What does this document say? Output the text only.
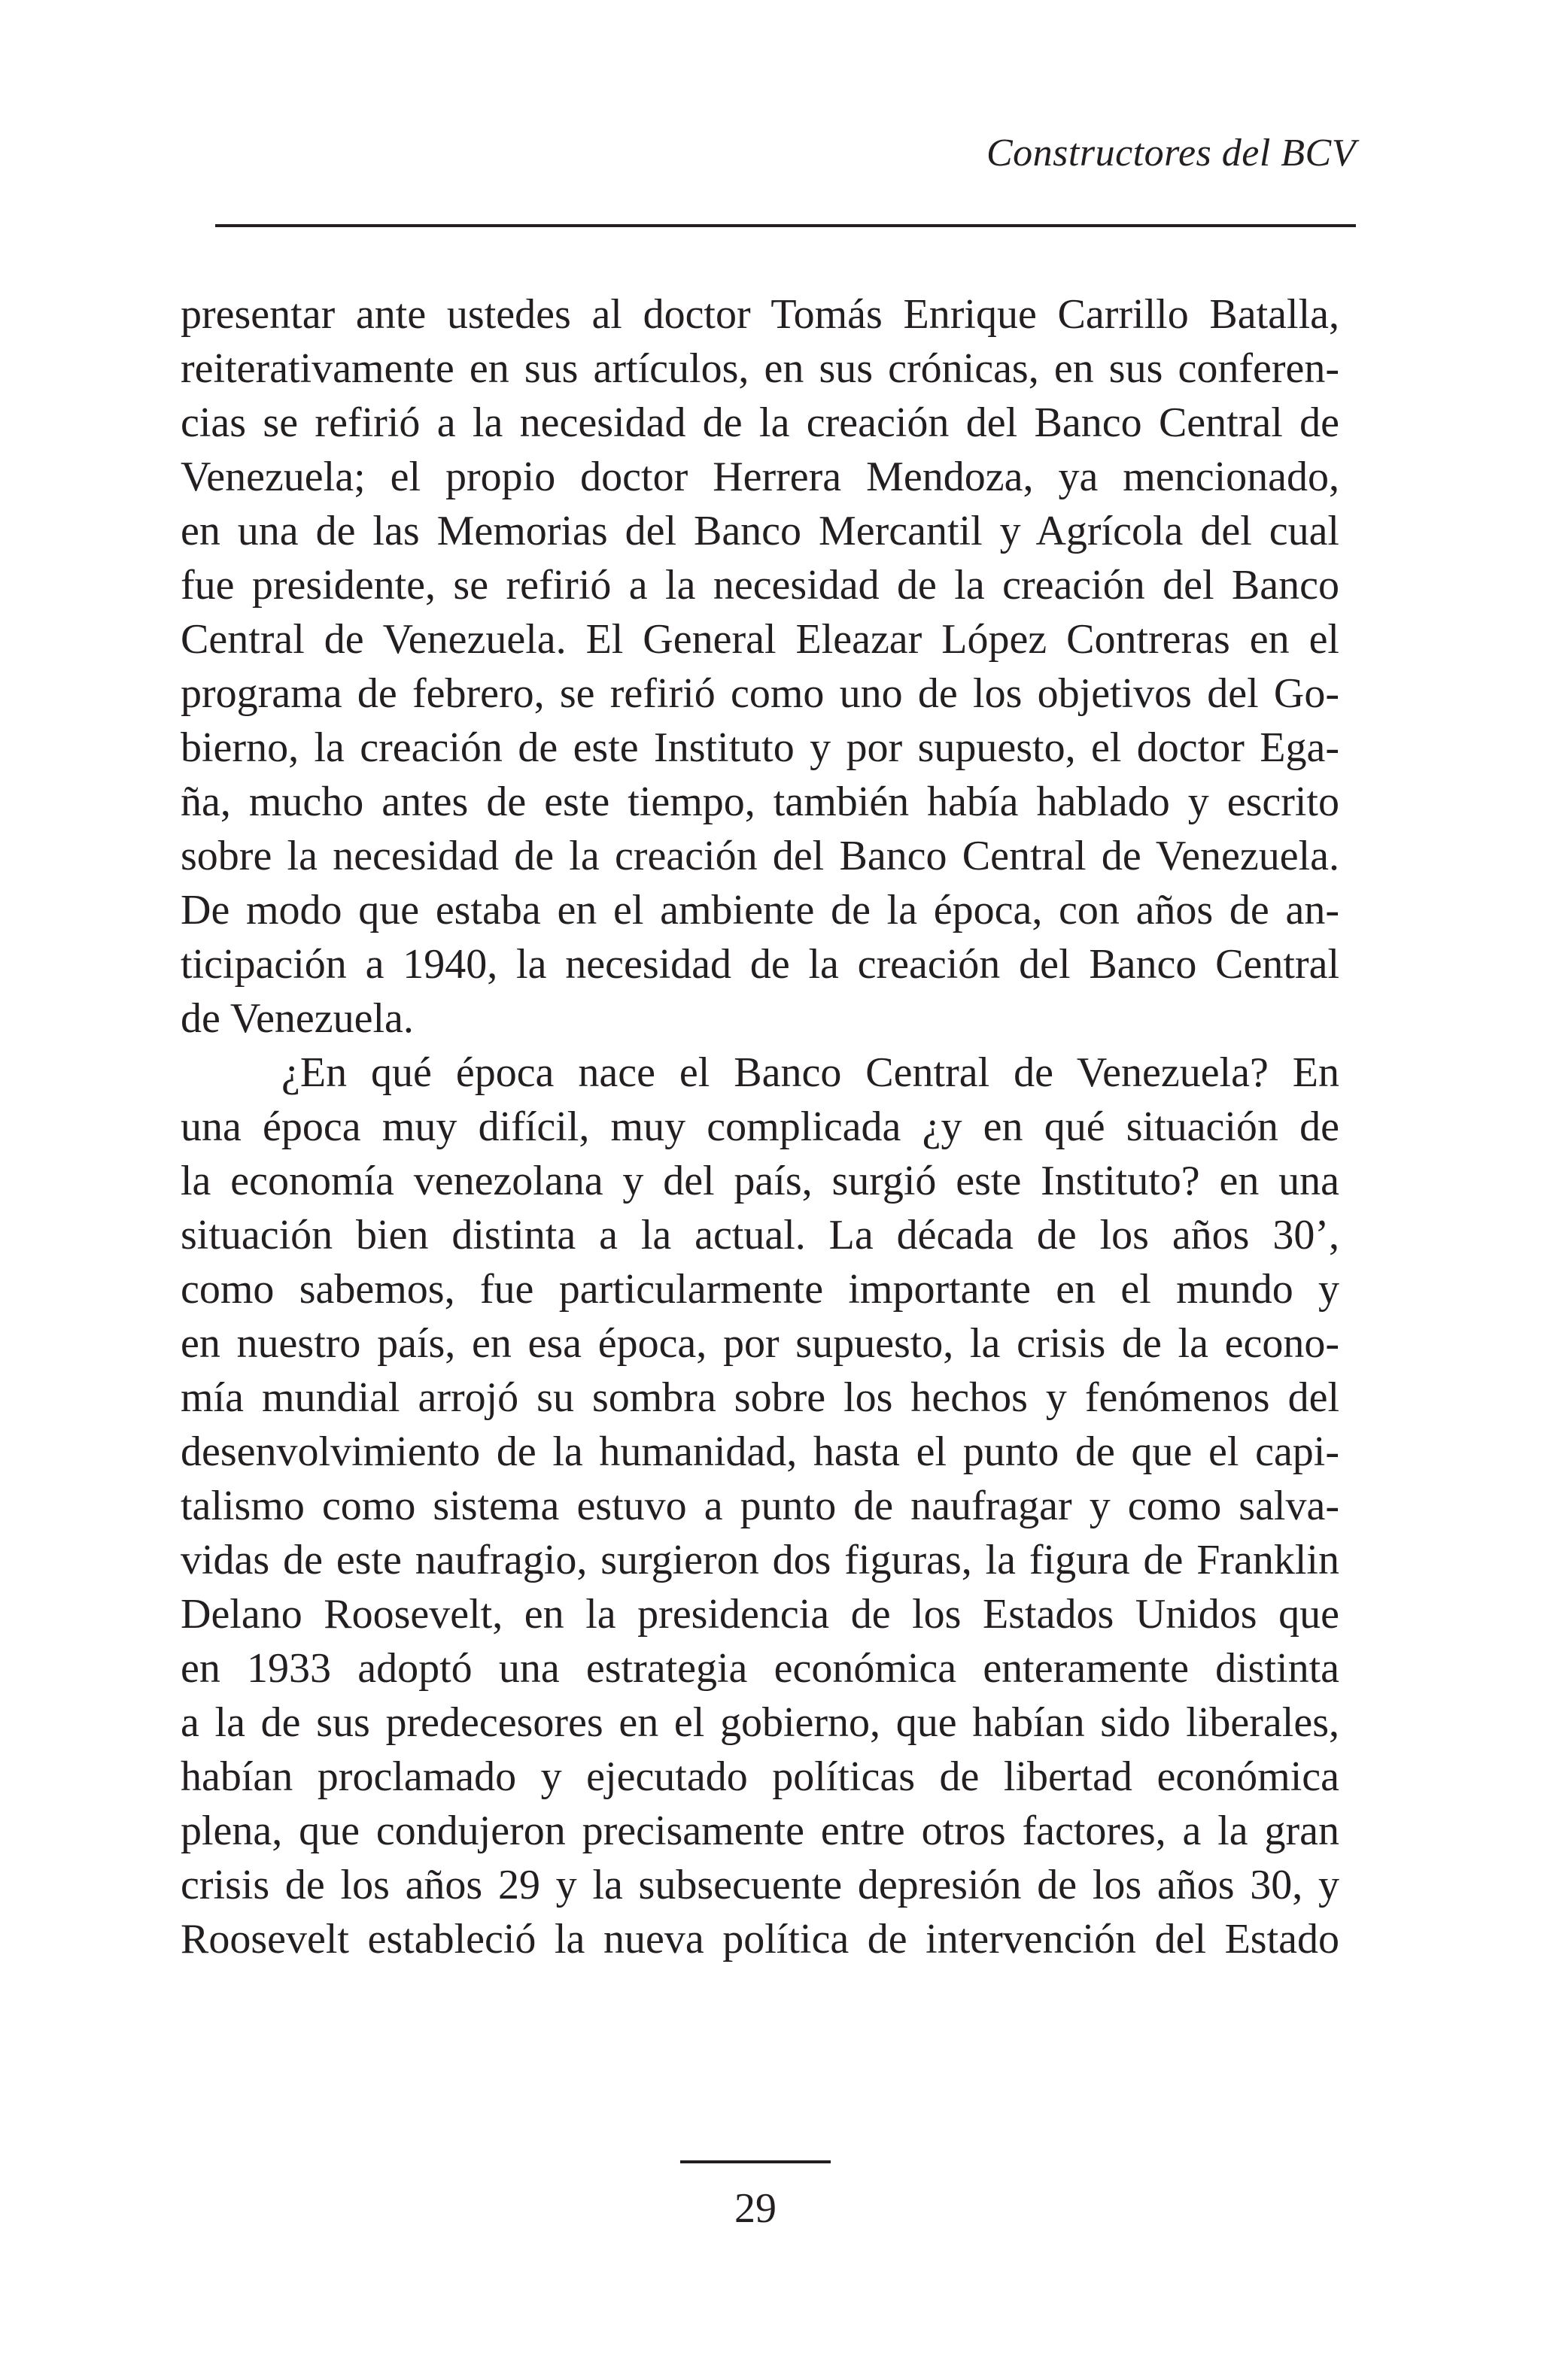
Constructores del BCV
presentar ante ustedes al doctor Tomás Enrique Carrillo Batalla,
reiterativamente en sus artículos, en sus crónicas, en sus conferen-
cias se refirió a la necesidad de la creación del Banco Central de
Venezuela; el propio doctor Herrera Mendoza, ya mencionado,
en una de las Memorias del Banco Mercantil y Agrícola del cual
fue presidente, se refirió a la necesidad de la creación del Banco
Central de Venezuela. El General Eleazar López Contreras en el
programa de febrero, se refirió como uno de los objetivos del Go-
bierno, la creación de este Instituto y por supuesto, el doctor Ega-
ña, mucho antes de este tiempo, también había hablado y escrito
sobre la necesidad de la creación del Banco Central de Venezuela.
De modo que estaba en el ambiente de la época, con años de an-
ticipación a 1940, la necesidad de la creación del Banco Central
de Venezuela.
¿En qué época nace el Banco Central de Venezuela? En
una época muy difícil, muy complicada ¿y en qué situación de
la economía venezolana y del país, surgió este Instituto? en una
situación bien distinta a la actual. La década de los años 30’,
como sabemos, fue particularmente importante en el mundo y
en nuestro país, en esa época, por supuesto, la crisis de la econo-
mía mundial arrojó su sombra sobre los hechos y fenómenos del
desenvolvimiento de la humanidad, hasta el punto de que el capi-
talismo como sistema estuvo a punto de naufragar y como salva-
vidas de este naufragio, surgieron dos figuras, la figura de Franklin
Delano Roosevelt, en la presidencia de los Estados Unidos que
en 1933 adoptó una estrategia económica enteramente distinta
a la de sus predecesores en el gobierno, que habían sido liberales,
habían proclamado y ejecutado políticas de libertad económica
plena, que condujeron precisamente entre otros factores, a la gran
crisis de los años 29 y la subsecuente depresión de los años 30, y
Roosevelt estableció la nueva política de intervención del Estado
29
